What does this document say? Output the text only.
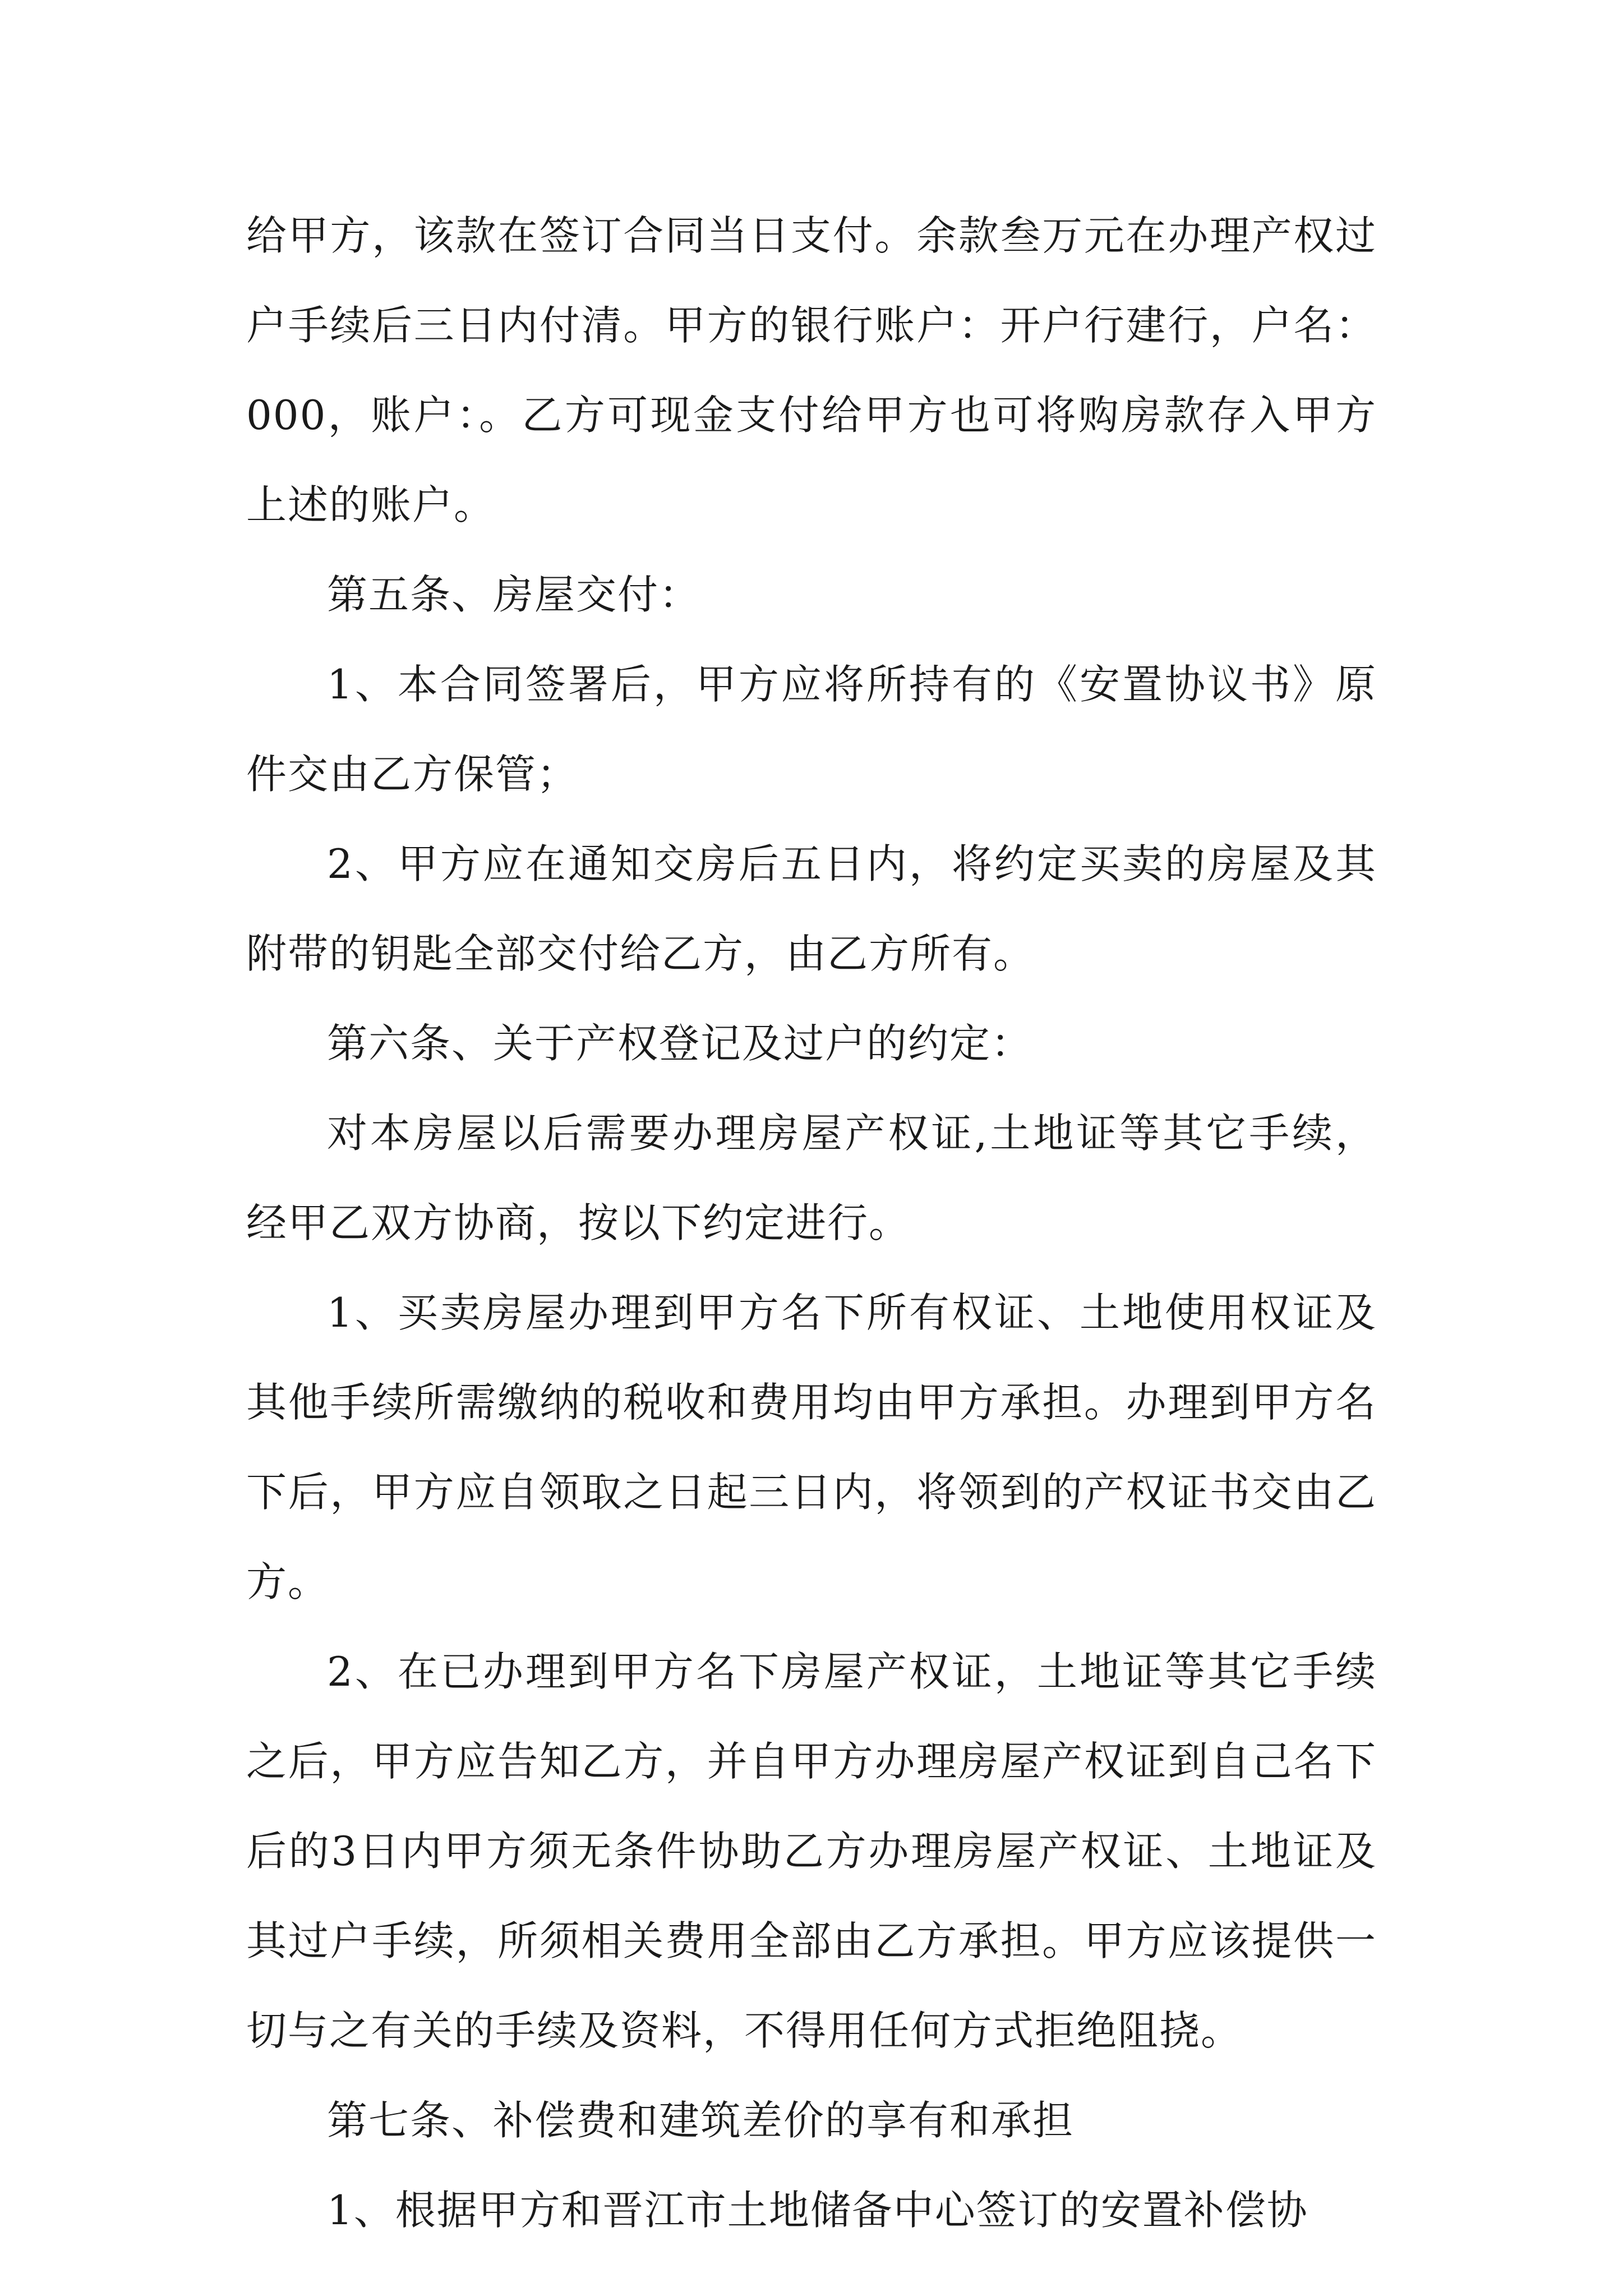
给甲方，该款在签订合同当日支付。余款叁万元在办理产权过户手续后三日内付清。甲方的银行账户：开户行建行，户名：000，账户：。乙方可现金支付给甲方也可将购房款存入甲方上述的账户。

第五条、房屋交付：

1、本合同签署后，甲方应将所持有的《安置协议书》原件交由乙方保管；

2、甲方应在通知交房后五日内，将约定买卖的房屋及其附带的钥匙全部交付给乙方，由乙方所有。

第六条、关于产权登记及过户的约定：

对本房屋以后需要办理房屋产权证,土地证等其它手续，经甲乙双方协商，按以下约定进行。

1、买卖房屋办理到甲方名下所有权证、土地使用权证及其他手续所需缴纳的税收和费用均由甲方承担。办理到甲方名下后，甲方应自领取之日起三日内，将领到的产权证书交由乙方。

2、在已办理到甲方名下房屋产权证，土地证等其它手续之后，甲方应告知乙方，并自甲方办理房屋产权证到自己名下后的3日内甲方须无条件协助乙方办理房屋产权证、土地证及其过户手续，所须相关费用全部由乙方承担。甲方应该提供一切与之有关的手续及资料，不得用任何方式拒绝阻挠。

第七条、补偿费和建筑差价的享有和承担

1、根据甲方和晋江市土地储备中心签订的安置补偿协
